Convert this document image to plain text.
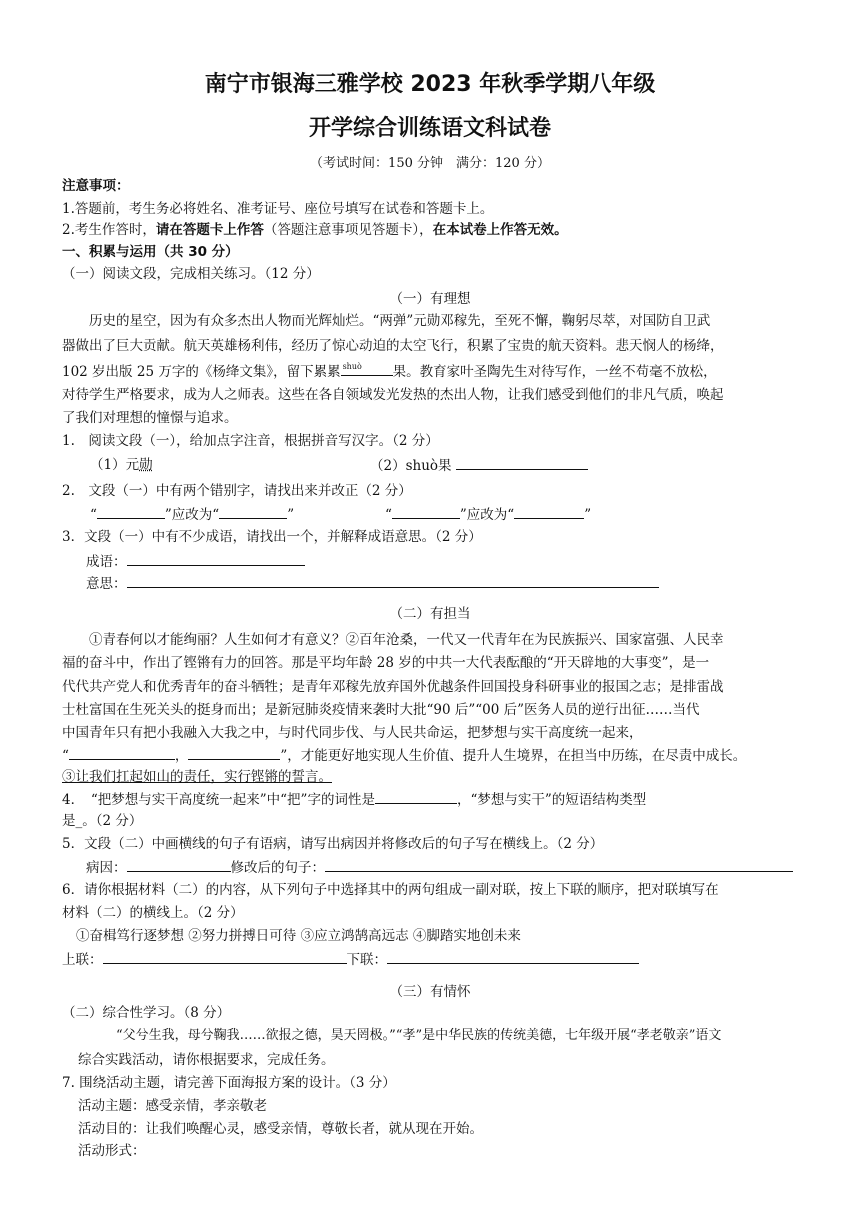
南宁市银海三雅学校 2023 年秋季学期八年级
开学综合训练语文科试卷
（考试时间：150 分钟　满分：120 分）
注意事项：
1.答题前，考生务必将姓名、准考证号、座位号填写在试卷和答题卡上。
2.考生作答时，请在答题卡上作答（答题注意事项见答题卡），在本试卷上作答无效。
一、积累与运用（共 30 分）
（一）阅读文段，完成相关练习。（12 分）
（一）有理想
　　历史的星空，因为有众多杰出人物而光辉灿烂。“两弹”元勋邓稼先，至死不懈，鞠躬尽萃，对国防自卫武
器做出了巨大贡献。航天英雄杨利伟，经历了惊心动迫的太空飞行，积累了宝贵的航天资料。悲天悯人的杨绛，
102 岁出版 25 万字的《杨绛文集》，留下累累 shuò 果。教育家叶圣陶先生对待写作，一丝不苟毫不放松，
对待学生严格要求，成为人之师表。这些在各自领域发光发热的杰出人物，让我们感受到他们的非凡气质，唤起
了我们对理想的憧憬与追求。
1.　阅读文段（一），给加点字注音，根据拼音写汉字。（2 分）
（1）元勋	（2）shuò果
2.　文段（一）中有两个错别字，请找出来并改正（2 分）
“	”应改为“	”	“	”应改为“	”
3．文段（一）中有不少成语，请找出一个，并解释成语意思。（2 分）
成语：
意思：
（二）有担当
　　①青春何以才能绚丽？人生如何才有意义？②百年沧桑，一代又一代青年在为民族振兴、国家富强、人民幸
福的奋斗中，作出了铿锵有力的回答。那是平均年龄 28 岁的中共一大代表酝酿的“开天辟地的大事变”，是一
代代共产党人和优秀青年的奋斗牺牲；是青年邓稼先放弃国外优越条件回国投身科研事业的报国之志；是排雷战
士杜富国在生死关头的挺身而出；是新冠肺炎疫情来袭时大批“90 后”“00 后”医务人员的逆行出征……当代
中国青年只有把小我融入大我之中，与时代同步伐、与人民共命运，把梦想与实干高度统一起来，
“	，	”，才能更好地实现人生价值、提升人生境界，在担当中历练，在尽责中成长。
③让我们扛起如山的责任，实行铿锵的誓言。
4．　“把梦想与实干高度统一起来”中“把”字的词性是	，“梦想与实干”的短语结构类型
是_。（2 分）
5．文段（二）中画横线的句子有语病，请写出病因并将修改后的句子写在横线上。（2 分）
病因：	修改后的句子：
6．请你根据材料（二）的内容，从下列句子中选择其中的两句组成一副对联，按上下联的顺序，把对联填写在
材料（二）的横线上。（2 分）
①奋楫笃行逐梦想 ②努力拼搏日可待 ③应立鸿鹄高远志 ④脚踏实地创未来
上联：	下联：
（三）有情怀
（二）综合性学习。（8 分）
“父兮生我，母兮鞠我……欲报之德，昊天罔极。”“孝”是中华民族的传统美德，七年级开展“孝老敬亲”语文
综合实践活动，请你根据要求，完成任务。
7. 围绕活动主题，请完善下面海报方案的设计。（3 分）
活动主题：感受亲情，孝亲敬老
活动目的：让我们唤醒心灵，感受亲情，尊敬长者，就从现在开始。
活动形式：
